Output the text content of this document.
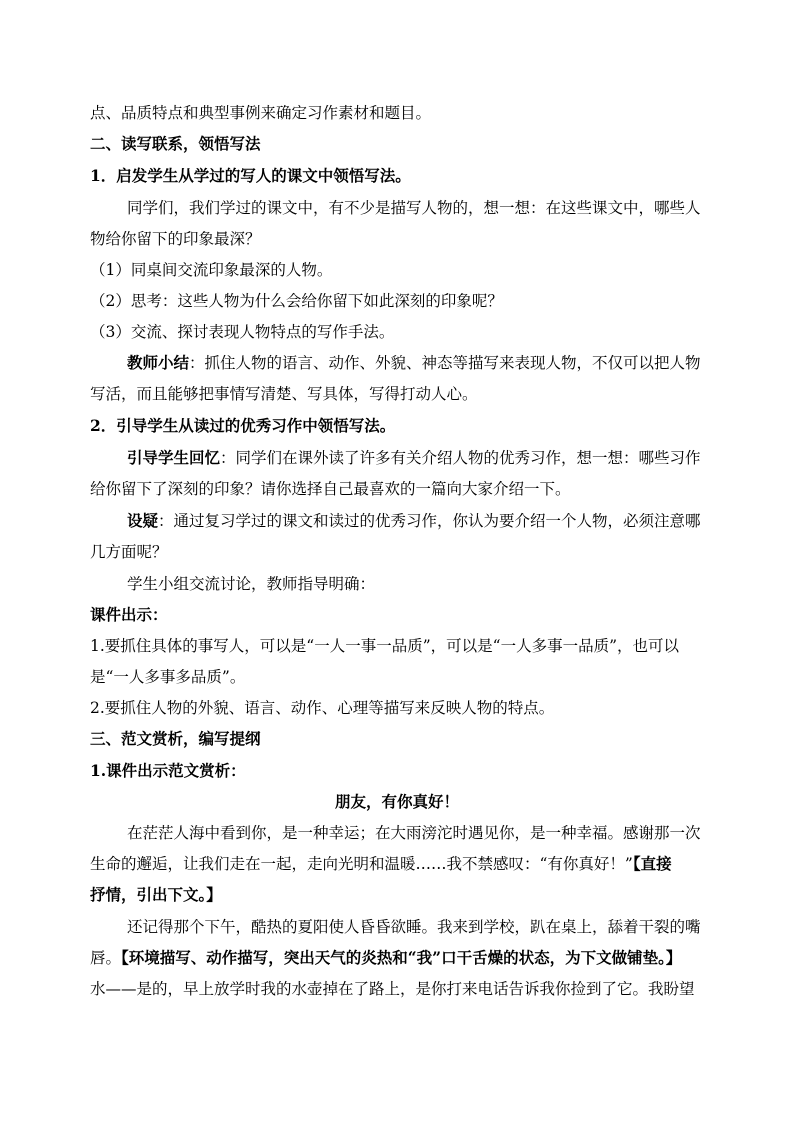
点、品质特点和典型事例来确定习作素材和题目。
二、读写联系，领悟写法
1．启发学生从学过的写人的课文中领悟写法。
同学们，我们学过的课文中，有不少是描写人物的，想一想：在这些课文中，哪些人
物给你留下的印象最深？
（1）同桌间交流印象最深的人物。
（2）思考：这些人物为什么会给你留下如此深刻的印象呢？
（3）交流、探讨表现人物特点的写作手法。
教师小结：抓住人物的语言、动作、外貌、神态等描写来表现人物，不仅可以把人物
写活，而且能够把事情写清楚、写具体，写得打动人心。
2．引导学生从读过的优秀习作中领悟写法。
引导学生回忆：同学们在课外读了许多有关介绍人物的优秀习作，想一想：哪些习作
给你留下了深刻的印象？请你选择自己最喜欢的一篇向大家介绍一下。
设疑：通过复习学过的课文和读过的优秀习作，你认为要介绍一个人物，必须注意哪
几方面呢？
学生小组交流讨论，教师指导明确：
课件出示：
1.要抓住具体的事写人，可以是“一人一事一品质”，可以是“一人多事一品质”，也可以
是“一人多事多品质”。
2.要抓住人物的外貌、语言、动作、心理等描写来反映人物的特点。
三、范文赏析，编写提纲
1.课件出示范文赏析：
朋友，有你真好！
在茫茫人海中看到你，是一种幸运；在大雨滂沱时遇见你，是一种幸福。感谢那一次
生命的邂逅，让我们走在一起，走向光明和温暖……我不禁感叹：“有你真好！”【直接
抒情，引出下文。】
还记得那个下午，酷热的夏阳使人昏昏欲睡。我来到学校，趴在桌上，舔着干裂的嘴
唇。【环境描写、动作描写，突出天气的炎热和“我”口干舌燥的状态，为下文做铺垫。】
水——是的，早上放学时我的水壶掉在了路上，是你打来电话告诉我你捡到了它。我盼望
